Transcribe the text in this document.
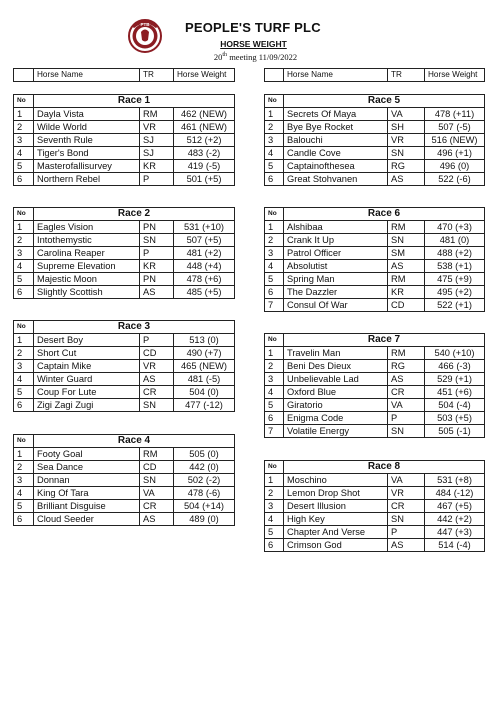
PTB	PEOPLE'S TURF PLC
HORSE WEIGHT
20th meeting 11/09/2022
	Horse Name	TR	Horse Weight
		Horse Name	TR	Horse Weight
No	Race 1		
1	Dayla Vista	RM	462 (NEW)
2	Wilde World	VR	461 (NEW)
3	Seventh Rule	SJ	512 (+2)
4	Tiger's Bond	SJ	483 (-2)
5	Masterofallisurvey	KR	419 (-5)
6	Northern Rebel	P	501 (+5)
No	Race 2		
1	Eagles Vision	PN	531 (+10)
2	Intothemystic	SN	507 (+5)
3	Carolina Reaper	P	481 (+2)
4	Supreme Elevation	KR	448 (+4)
5	Majestic Moon	PN	478 (+6)
6	Slightly Scottish	AS	485 (+5)
No	Race 3		
1	Desert Boy	P	513 (0)
2	Short Cut	CD	490 (+7)
3	Captain Mike	VR	465 (NEW)
4	Winter Guard	AS	481 (-5)
5	Coup For Lute	CR	504 (0)
6	Zigi Zagi Zugi	SN	477 (-12)
No	Race 4		
1	Footy Goal	RM	505 (0)
2	Sea Dance	CD	442 (0)
3	Donnan	SN	502 (-2)
4	King Of Tara	VA	478 (-6)
5	Brilliant Disguise	CR	504 (+14)
6	Cloud Seeder	AS	489 (0)
No	Race 5		
1	Secrets Of Maya	VA	478 (+11)
2	Bye Bye Rocket	SH	507 (-5)
3	Balouchi	VR	516 (NEW)
4	Candle Cove	SN	496 (+1)
5	Captainofthesea	RG	496 (0)
6	Great Stohvanen	AS	522 (-6)
No	Race 6		
1	Alshibaa	RM	470 (+3)
2	Crank It Up	SN	481 (0)
3	Patrol Officer	SM	488 (+2)
4	Absolutist	AS	538 (+1)
5	Spring Man	RM	475 (+9)
6	The Dazzler	KR	495 (+2)
7	Consul Of War	CD	522 (+1)
No	Race 7		
1	Travelin Man	RM	540 (+10)
2	Beni Des Dieux	RG	466 (-3)
3	Unbelievable Lad	AS	529 (+1)
4	Oxford Blue	CR	451 (+6)
5	Giratorio	VA	504 (-4)
6	Enigma Code	P	503 (+5)
7	Volatile Energy	SN	505 (-1)
No	Race 8		
1	Moschino	VA	531 (+8)
2	Lemon Drop Shot	VR	484 (-12)
3	Desert Illusion	CR	467 (+5)
4	High Key	SN	442 (+2)
5	Chapter And Verse	P	447 (+3)
6	Crimson God	AS	514 (-4)
